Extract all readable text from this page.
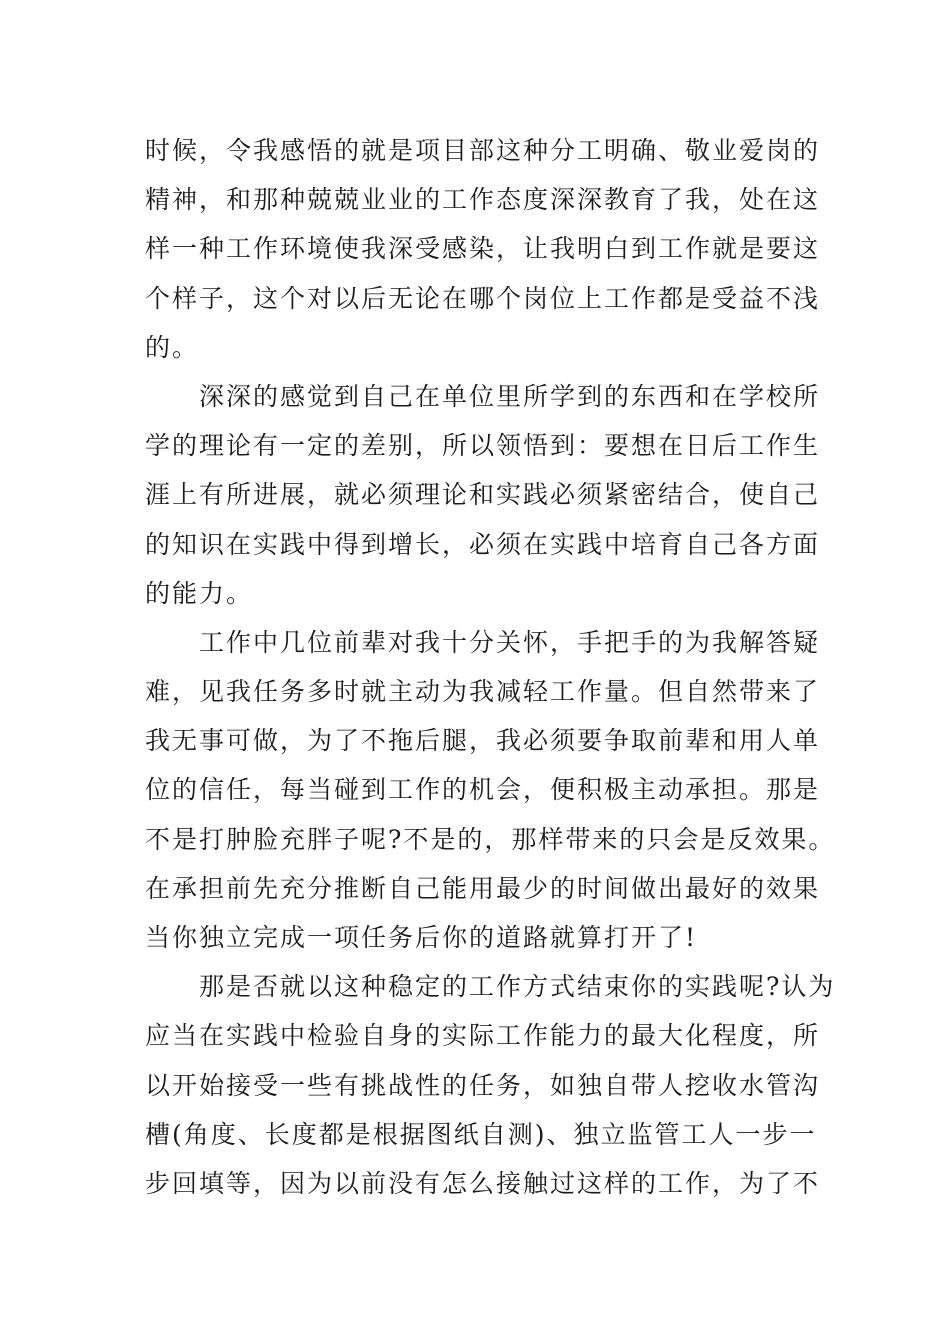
时候，令我感悟的就是项目部这种分工明确、敬业爱岗的
精神，和那种兢兢业业的工作态度深深教育了我，处在这
样一种工作环境使我深受感染，让我明白到工作就是要这
个样子，这个对以后无论在哪个岗位上工作都是受益不浅
的。
深深的感觉到自己在单位里所学到的东西和在学校所
学的理论有一定的差别，所以领悟到：要想在日后工作生
涯上有所进展，就必须理论和实践必须紧密结合，使自己
的知识在实践中得到增长，必须在实践中培育自己各方面
的能力。
工作中几位前辈对我十分关怀，手把手的为我解答疑
难，见我任务多时就主动为我减轻工作量。但自然带来了
我无事可做，为了不拖后腿，我必须要争取前辈和用人单
位的信任，每当碰到工作的机会，便积极主动承担。那是
不是打肿脸充胖子呢?不是的，那样带来的只会是反效果。
在承担前先充分推断自己能用最少的时间做出最好的效果
当你独立完成一项任务后你的道路就算打开了!
那是否就以这种稳定的工作方式结束你的实践呢?认为
应当在实践中检验自身的实际工作能力的最大化程度，所
以开始接受一些有挑战性的任务，如独自带人挖收水管沟
槽(角度、长度都是根据图纸自测)、独立监管工人一步一
步回填等，因为以前没有怎么接触过这样的工作，为了不
